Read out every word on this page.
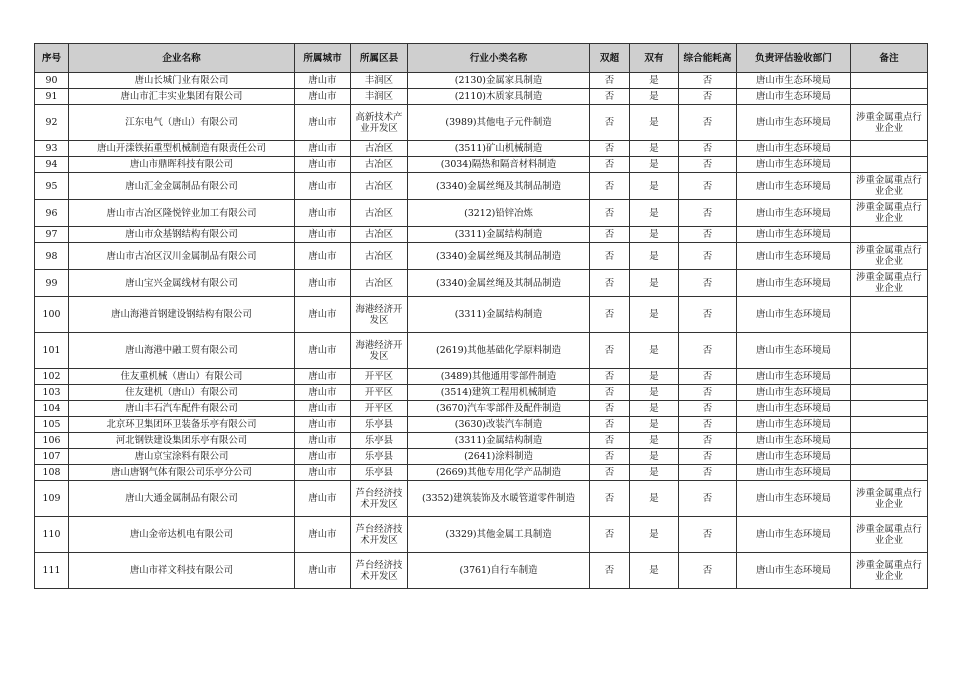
序号	企业名称	所属城市	所属区县	行业小类名称	双超	双有	综合能耗高	负责评估验收部门	备注
90	唐山长城门业有限公司	唐山市	丰润区	(2130)金属家具制造	否	是	否	唐山市生态环境局	
91	唐山市汇丰实业集团有限公司	唐山市	丰润区	(2110)木质家具制造	否	是	否	唐山市生态环境局	
92	江东电气（唐山）有限公司	唐山市	高新技术产业开发区	(3989)其他电子元件制造	否	是	否	唐山市生态环境局	涉重金属重点行业企业
93	唐山开滦铁拓重型机械制造有限责任公司	唐山市	古冶区	(3511)矿山机械制造	否	是	否	唐山市生态环境局	
94	唐山市鼎晖科技有限公司	唐山市	古冶区	(3034)隔热和隔音材料制造	否	是	否	唐山市生态环境局	
95	唐山汇金金属制品有限公司	唐山市	古冶区	(3340)金属丝绳及其制品制造	否	是	否	唐山市生态环境局	涉重金属重点行业企业
96	唐山市古冶区隆悦锌业加工有限公司	唐山市	古冶区	(3212)铅锌冶炼	否	是	否	唐山市生态环境局	涉重金属重点行业企业
97	唐山市众基钢结构有限公司	唐山市	古冶区	(3311)金属结构制造	否	是	否	唐山市生态环境局	
98	唐山市古冶区汉川金属制品有限公司	唐山市	古冶区	(3340)金属丝绳及其制品制造	否	是	否	唐山市生态环境局	涉重金属重点行业企业
99	唐山宝兴金属线材有限公司	唐山市	古冶区	(3340)金属丝绳及其制品制造	否	是	否	唐山市生态环境局	涉重金属重点行业企业
100	唐山海港首钢建设钢结构有限公司	唐山市	海港经济开发区	(3311)金属结构制造	否	是	否	唐山市生态环境局	
101	唐山海港中融工贸有限公司	唐山市	海港经济开发区	(2619)其他基础化学原料制造	否	是	否	唐山市生态环境局	
102	住友重机械（唐山）有限公司	唐山市	开平区	(3489)其他通用零部件制造	否	是	否	唐山市生态环境局	
103	住友建机（唐山）有限公司	唐山市	开平区	(3514)建筑工程用机械制造	否	是	否	唐山市生态环境局	
104	唐山丰石汽车配件有限公司	唐山市	开平区	(3670)汽车零部件及配件制造	否	是	否	唐山市生态环境局	
105	北京环卫集团环卫装备乐亭有限公司	唐山市	乐亭县	(3630)改装汽车制造	否	是	否	唐山市生态环境局	
106	河北钢铁建设集团乐亭有限公司	唐山市	乐亭县	(3311)金属结构制造	否	是	否	唐山市生态环境局	
107	唐山京宝涂料有限公司	唐山市	乐亭县	(2641)涂料制造	否	是	否	唐山市生态环境局	
108	唐山唐钢气体有限公司乐亭分公司	唐山市	乐亭县	(2669)其他专用化学产品制造	否	是	否	唐山市生态环境局	
109	唐山大通金属制品有限公司	唐山市	芦台经济技术开发区	(3352)建筑装饰及水暖管道零件制造	否	是	否	唐山市生态环境局	涉重金属重点行业企业
110	唐山金帝达机电有限公司	唐山市	芦台经济技术开发区	(3329)其他金属工具制造	否	是	否	唐山市生态环境局	涉重金属重点行业企业
111	唐山市祥文科技有限公司	唐山市	芦台经济技术开发区	(3761)自行车制造	否	是	否	唐山市生态环境局	涉重金属重点行业企业
